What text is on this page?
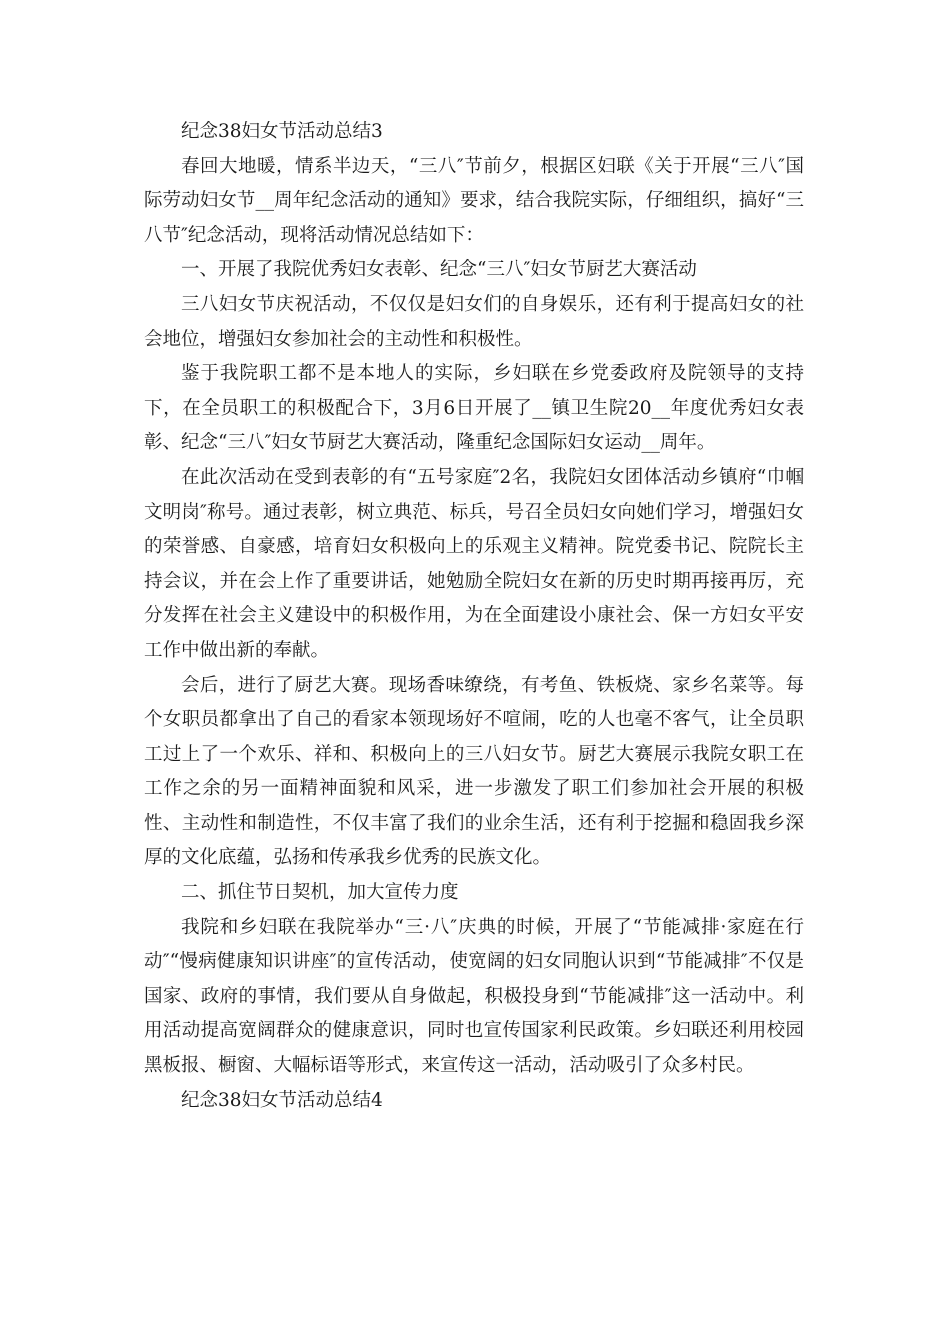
纪念38妇女节活动总结3

春回大地暖，情系半边天，“三八″节前夕，根据区妇联《关于开展“三八″国际劳动妇女节__周年纪念活动的通知》要求，结合我院实际，仔细组织，搞好“三八节″纪念活动，现将活动情况总结如下：

一、开展了我院优秀妇女表彰、纪念“三八″妇女节厨艺大赛活动

三八妇女节庆祝活动，不仅仅是妇女们的自身娱乐，还有利于提高妇女的社会地位，增强妇女参加社会的主动性和积极性。

鉴于我院职工都不是本地人的实际，乡妇联在乡党委政府及院领导的支持下，在全员职工的积极配合下，3月6日开展了__镇卫生院20__年度优秀妇女表彰、纪念“三八″妇女节厨艺大赛活动，隆重纪念国际妇女运动__周年。

在此次活动在受到表彰的有“五号家庭″2名，我院妇女团体活动乡镇府“巾帼文明岗″称号。通过表彰，树立典范、标兵，号召全员妇女向她们学习，增强妇女的荣誉感、自豪感，培育妇女积极向上的乐观主义精神。院党委书记、院院长主持会议，并在会上作了重要讲话，她勉励全院妇女在新的历史时期再接再厉，充分发挥在社会主义建设中的积极作用，为在全面建设小康社会、保一方妇女平安工作中做出新的奉献。

会后，进行了厨艺大赛。现场香味缭绕，有考鱼、铁板烧、家乡名菜等。每个女职员都拿出了自己的看家本领现场好不喧闹，吃的人也毫不客气，让全员职工过上了一个欢乐、祥和、积极向上的三八妇女节。厨艺大赛展示我院女职工在工作之余的另一面精神面貌和风采，进一步激发了职工们参加社会开展的积极性、主动性和制造性，不仅丰富了我们的业余生活，还有利于挖掘和稳固我乡深厚的文化底蕴，弘扬和传承我乡优秀的民族文化。

二、抓住节日契机，加大宣传力度

我院和乡妇联在我院举办“三·八″庆典的时候，开展了“节能减排·家庭在行动″“慢病健康知识讲座″的宣传活动，使宽阔的妇女同胞认识到“节能减排″不仅是国家、政府的事情，我们要从自身做起，积极投身到“节能减排″这一活动中。利用活动提高宽阔群众的健康意识，同时也宣传国家利民政策。乡妇联还利用校园黑板报、橱窗、大幅标语等形式，来宣传这一活动，活动吸引了众多村民。

纪念38妇女节活动总结4
